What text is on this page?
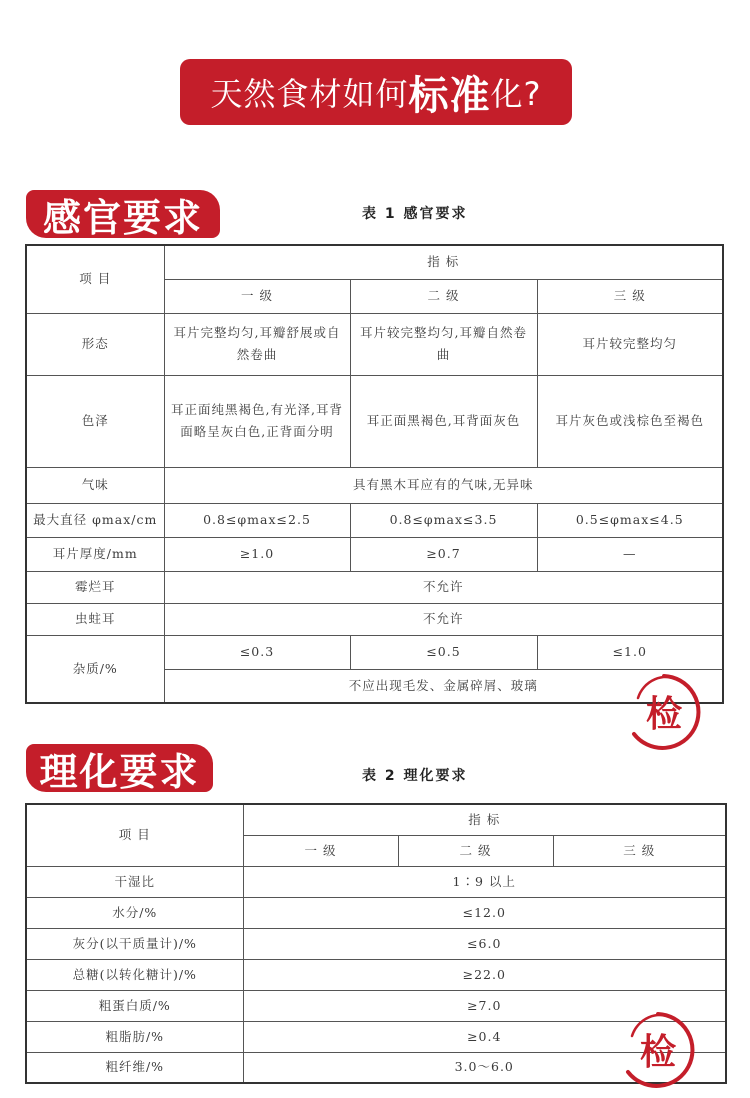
天然食材如何 标准 化?
感官要求	表 1 感官要求
项 目	指 标		
	一 级	二 级	三 级
形态	耳片完整均匀,耳瓣舒展或自然卷曲	耳片较完整均匀,耳瓣自然卷曲	耳片较完整均匀
色泽	耳正面纯黑褐色,有光泽,耳背面略呈灰白色,正背面分明	耳正面黑褐色,耳背面灰色	耳片灰色或浅棕色至褐色
气味	具有黑木耳应有的气味,无异味		
最大直径 φmax/cm	0.8≤φmax≤2.5	0.8≤φmax≤3.5	0.5≤φmax≤4.5
耳片厚度/mm	≥1.0	≥0.7	—
霉烂耳	不允许		
虫蛀耳	不允许		
杂质/%	≤0.3	≤0.5	≤1.0
	不应出现毛发、金属碎屑、玻璃		
检
理化要求	表 2 理化要求
项 目	指 标		
	一 级	二 级	三 级
干湿比	1∶9 以上		
水分/%	≤12.0		
灰分(以干质量计)/%	≤6.0		
总糖(以转化糖计)/%	≥22.0		
粗蛋白质/%	≥7.0		
粗脂肪/%	≥0.4		
粗纤维/%	3.0～6.0			检
